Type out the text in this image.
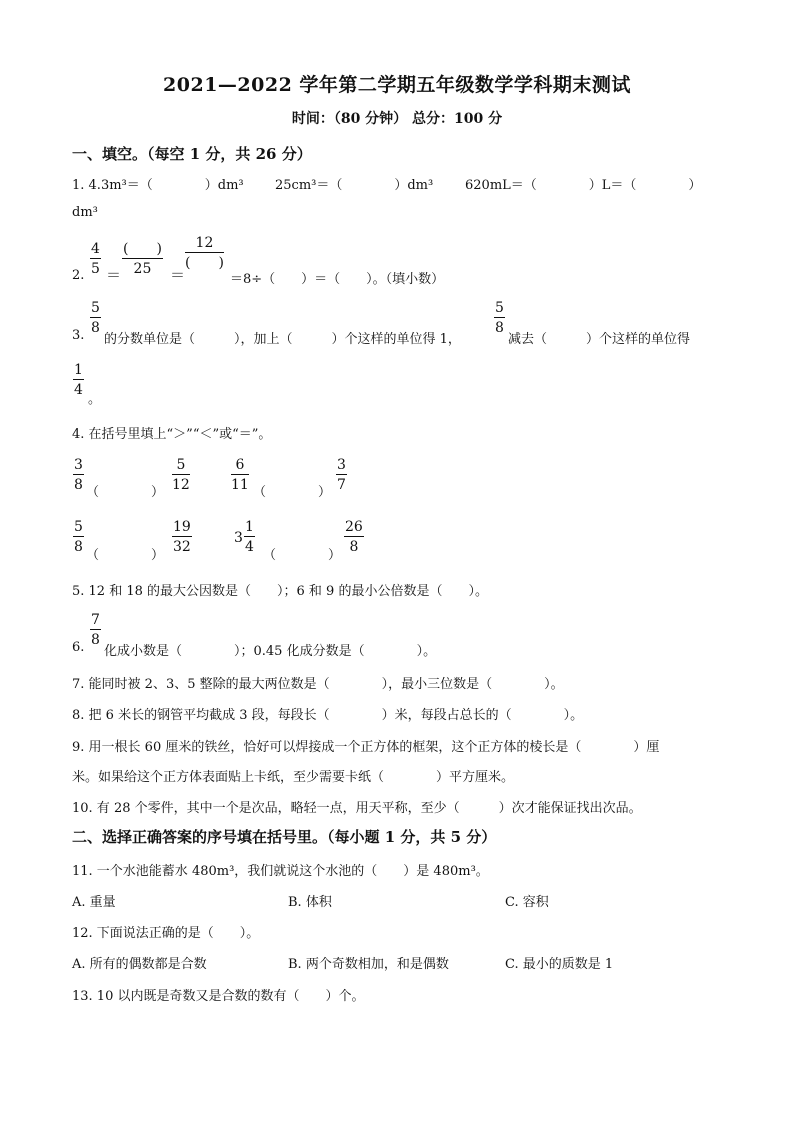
2021—2022 学年第二学期五年级数学学科期末测试
时间：（80 分钟） 总分：100 分
一、填空。（每空 1 分，共 26 分）
1. 4.3m³＝（　　　　）dm³ 25cm³＝（　　　　）dm³ 620mL＝（　　　　）L＝（　　　　）
dm³
2. $\frac{4}{5}$ ＝
(　　)
25	＝
12
(　　)
＝8÷（　　）＝（　　）。（填小数）
3.
$\frac{5}{8}$
的分数单位是（　　　），加上（　　　）个这样的单位得 1，
$\frac{5}{8}$
减去（　　　）个这样的单位得
$\frac{1}{4}$
。
4. 在括号里填上“＞”“＜”或“＝”。
$\frac{3}{8}$
（　　　　）
$\frac{5}{12}$	$\frac{6}{11}$
（　　　　）
$\frac{3}{7}$
$\frac{5}{8}$
（　　　　）
$\frac{19}{32}$	$3 \frac{1}{4}$
（　　　　）
$\frac{26}{8}$
5. 12 和 18 的最大公因数是（　　）；6 和 9 的最小公倍数是（　　）。
6.
$\frac{7}{8}$
化成小数是（　　　　）；0.45 化成分数是（　　　　）。
7. 能同时被 2、3、5 整除的最大两位数是（　　　　），最小三位数是（　　　　）。
8. 把 6 米长的钢管平均截成 3 段，每段长（　　　　）米，每段占总长的（　　　　）。
9. 用一根长 60 厘米的铁丝，恰好可以焊接成一个正方体的框架，这个正方体的棱长是（　　　　）厘
米。如果给这个正方体表面贴上卡纸，至少需要卡纸（　　　　）平方厘米。
10. 有 28 个零件，其中一个是次品，略轻一点，用天平称，至少（　　　）次才能保证找出次品。
二、选择正确答案的序号填在括号里。（每小题 1 分，共 5 分）
11. 一个水池能蓄水 480m³，我们就说这个水池的（　　）是 480m³。
A. 重量	B. 体积	C. 容积
12. 下面说法正确的是（　　）。
A. 所有的偶数都是合数	B. 两个奇数相加，和是偶数	C. 最小的质数是 1
13. 10 以内既是奇数又是合数的数有（　　）个。
